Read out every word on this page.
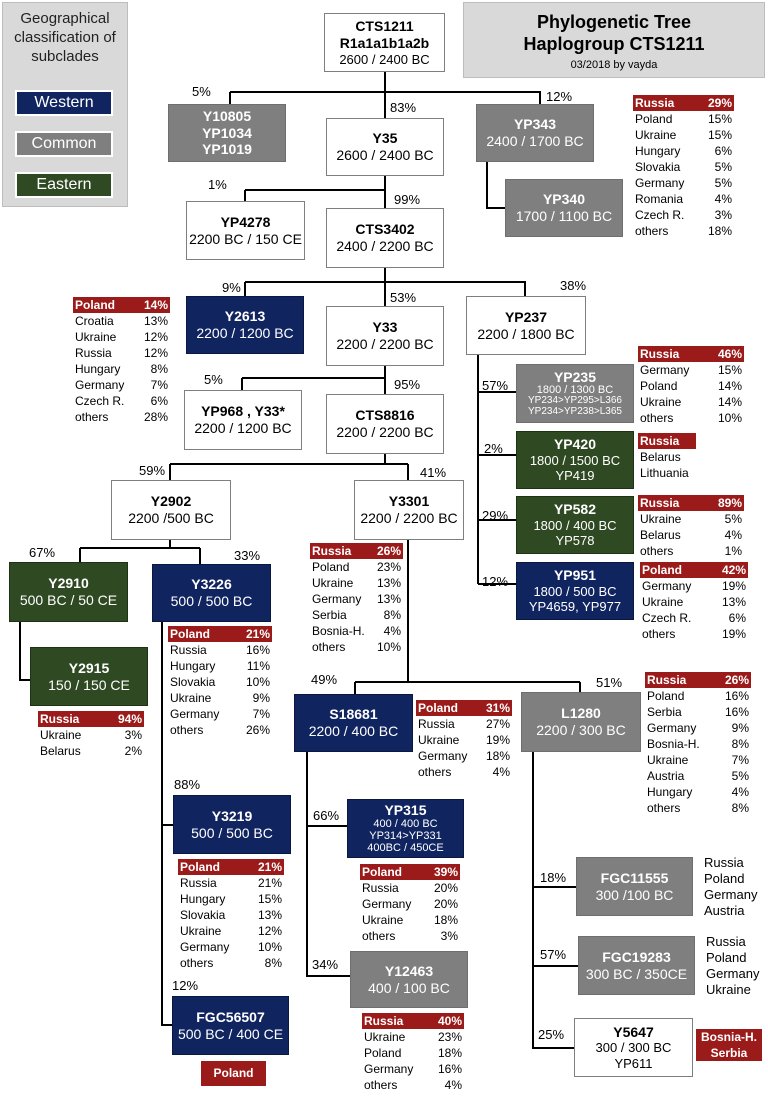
Geographical classification of subclades
Western
Common
Eastern
Phylogenetic Tree
Haplogroup CTS1211
03/2018 by vayda
CTS1211
R1a1a1b1a2b
2600 / 2400 BC
Y10805
YP1034
YP1019
Y35
2600 / 2400 BC
YP343
2400 / 1700 BC
YP340
1700 / 1100 BC
YP4278
2200 BC / 150 CE
CTS3402
2400 / 2200 BC
Y2613
2200 / 1200 BC	Y33
2200 / 2200 BC
YP237
2200 / 1800 BC
YP968 , Y33*
2200 / 1200 BC
CTS8816
2200 / 2200 BC
YP235
1800 / 1300 BC
YP234>YP295>L366
YP234>YP238>L365
YP420
1800 / 1500 BC
YP419
YP582
1800 / 400 BC
YP578
YP951
1800 / 500 BC
YP4659, YP977
Y2902
2200 /500 BC
Y3301
2200 / 2200 BC
Y2910
500 BC / 50 CE
Y3226
500 / 500 BC
Y2915
150 / 150 CE
S18681
2200 / 400 BC
L1280
2200 / 300 BC
Y3219
500 / 500 BC
YP315
400 / 400 BC
YP314>YP331
400BC / 450CE
FGC11555
300 /100 BC
FGC19283
300 BC / 350CE
Y12463
400 / 100 BC
Y5647
300 / 300 BC
YP611
FGC56507
500 BC / 400 CE
5%
83%
12%
1%
99%
9%
53%
38%
5%	95%	57%
2%
29%
12%
59%	41%
67%	33%
49%	51%
88%
12%
66%
34%
18%
57%
25%
Russia	29%
Poland	15%
Ukraine	15%
Hungary	6%
Slovakia	5%
Germany	5%
Romania	4%
Czech R.	3%
others	18%
Poland 14%
Croatia	13%
Ukraine 12%
Russia	12%
Hungary	8%
Germany 7%
Czech R. 6%
others	28%
Russia	46%
Germany 15%
Poland	14%
Ukraine	14%
others	10%
Russia
Belarus
Lithuania
Russia	89%
Ukraine	5%
Belarus	4%
others	1%
Poland	42%
Germany	19%
Ukraine	13%
Czech R.	6%
others	19%
Russia 26%
Poland 23%
Ukraine 13%
Germany 13%
Serbia	8%
Bosnia-H. 4%
others	10%
Poland	21%
Russia	16%
Hungary	11%
Slovakia	10%
Ukraine	9%
Germany	7%
others	26%
Russia	94%
Ukraine	3%
Belarus	2%
Poland 31%
Russia	27%
Ukraine 19%
Germany 18%
others	4%
Russia	26%
Poland	16%
Serbia	16%
Germany	9%
Bosnia-H.	8%
Ukraine	7%
Austria	5%
Hungary	4%
others	8%
Poland	21%
Russia	21%
Hungary	15%
Slovakia	13%
Ukraine	12%
Germany 10%
others	8%
Poland	39%
Russia	20%
Germany 20%
Ukraine	18%
others	3%
Russia	40%
Ukraine	23%
Poland	18%
Germany 16%
others	4%
Russia
Poland
Germany
Austria
Russia
Poland
Germany
Ukraine
Bosnia-H.
Serbia
Poland
